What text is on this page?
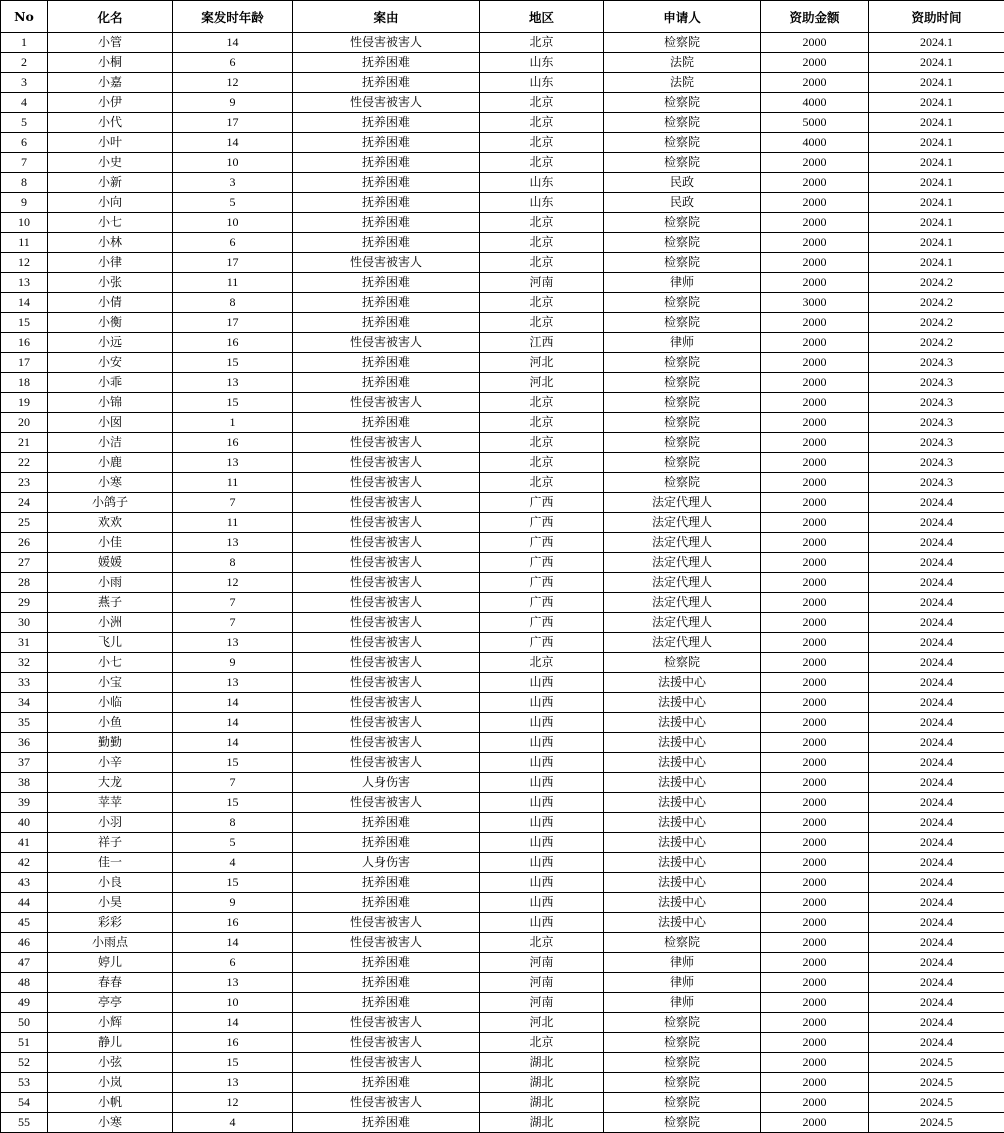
No	化名	案发时年龄	案由	地区	申请人	资助金额	资助时间
1	小管	14	性侵害被害人	北京	检察院	2000	2024.1
2	小桐	6	抚养困难	山东	法院	2000	2024.1
3	小嘉	12	抚养困难	山东	法院	2000	2024.1
4	小伊	9	性侵害被害人	北京	检察院	4000	2024.1
5	小代	17	抚养困难	北京	检察院	5000	2024.1
6	小叶	14	抚养困难	北京	检察院	4000	2024.1
7	小史	10	抚养困难	北京	检察院	2000	2024.1
8	小新	3	抚养困难	山东	民政	2000	2024.1
9	小向	5	抚养困难	山东	民政	2000	2024.1
10	小七	10	抚养困难	北京	检察院	2000	2024.1
11	小林	6	抚养困难	北京	检察院	2000	2024.1
12	小律	17	性侵害被害人	北京	检察院	2000	2024.1
13	小张	11	抚养困难	河南	律师	2000	2024.2
14	小倩	8	抚养困难	北京	检察院	3000	2024.2
15	小衡	17	抚养困难	北京	检察院	2000	2024.2
16	小远	16	性侵害被害人	江西	律师	2000	2024.2
17	小安	15	抚养困难	河北	检察院	2000	2024.3
18	小乖	13	抚养困难	河北	检察院	2000	2024.3
19	小锦	15	性侵害被害人	北京	检察院	2000	2024.3
20	小囡	1	抚养困难	北京	检察院	2000	2024.3
21	小洁	16	性侵害被害人	北京	检察院	2000	2024.3
22	小鹿	13	性侵害被害人	北京	检察院	2000	2024.3
23	小寒	11	性侵害被害人	北京	检察院	2000	2024.3
24	小鸽子	7	性侵害被害人	广西	法定代理人	2000	2024.4
25	欢欢	11	性侵害被害人	广西	法定代理人	2000	2024.4
26	小佳	13	性侵害被害人	广西	法定代理人	2000	2024.4
27	媛媛	8	性侵害被害人	广西	法定代理人	2000	2024.4
28	小雨	12	性侵害被害人	广西	法定代理人	2000	2024.4
29	燕子	7	性侵害被害人	广西	法定代理人	2000	2024.4
30	小洲	7	性侵害被害人	广西	法定代理人	2000	2024.4
31	飞儿	13	性侵害被害人	广西	法定代理人	2000	2024.4
32	小七	9	性侵害被害人	北京	检察院	2000	2024.4
33	小宝	13	性侵害被害人	山西	法援中心	2000	2024.4
34	小临	14	性侵害被害人	山西	法援中心	2000	2024.4
35	小鱼	14	性侵害被害人	山西	法援中心	2000	2024.4
36	勤勤	14	性侵害被害人	山西	法援中心	2000	2024.4
37	小辛	15	性侵害被害人	山西	法援中心	2000	2024.4
38	大龙	7	人身伤害	山西	法援中心	2000	2024.4
39	苹苹	15	性侵害被害人	山西	法援中心	2000	2024.4
40	小羽	8	抚养困难	山西	法援中心	2000	2024.4
41	祥子	5	抚养困难	山西	法援中心	2000	2024.4
42	佳一	4	人身伤害	山西	法援中心	2000	2024.4
43	小良	15	抚养困难	山西	法援中心	2000	2024.4
44	小昊	9	抚养困难	山西	法援中心	2000	2024.4
45	彩彩	16	性侵害被害人	山西	法援中心	2000	2024.4
46	小雨点	14	性侵害被害人	北京	检察院	2000	2024.4
47	婷儿	6	抚养困难	河南	律师	2000	2024.4
48	春春	13	抚养困难	河南	律师	2000	2024.4
49	亭亭	10	抚养困难	河南	律师	2000	2024.4
50	小辉	14	性侵害被害人	河北	检察院	2000	2024.4
51	静儿	16	性侵害被害人	北京	检察院	2000	2024.4
52	小弦	15	性侵害被害人	湖北	检察院	2000	2024.5
53	小岚	13	抚养困难	湖北	检察院	2000	2024.5
54	小帆	12	性侵害被害人	湖北	检察院	2000	2024.5
55	小寒	4	抚养困难	湖北	检察院	2000	2024.5
